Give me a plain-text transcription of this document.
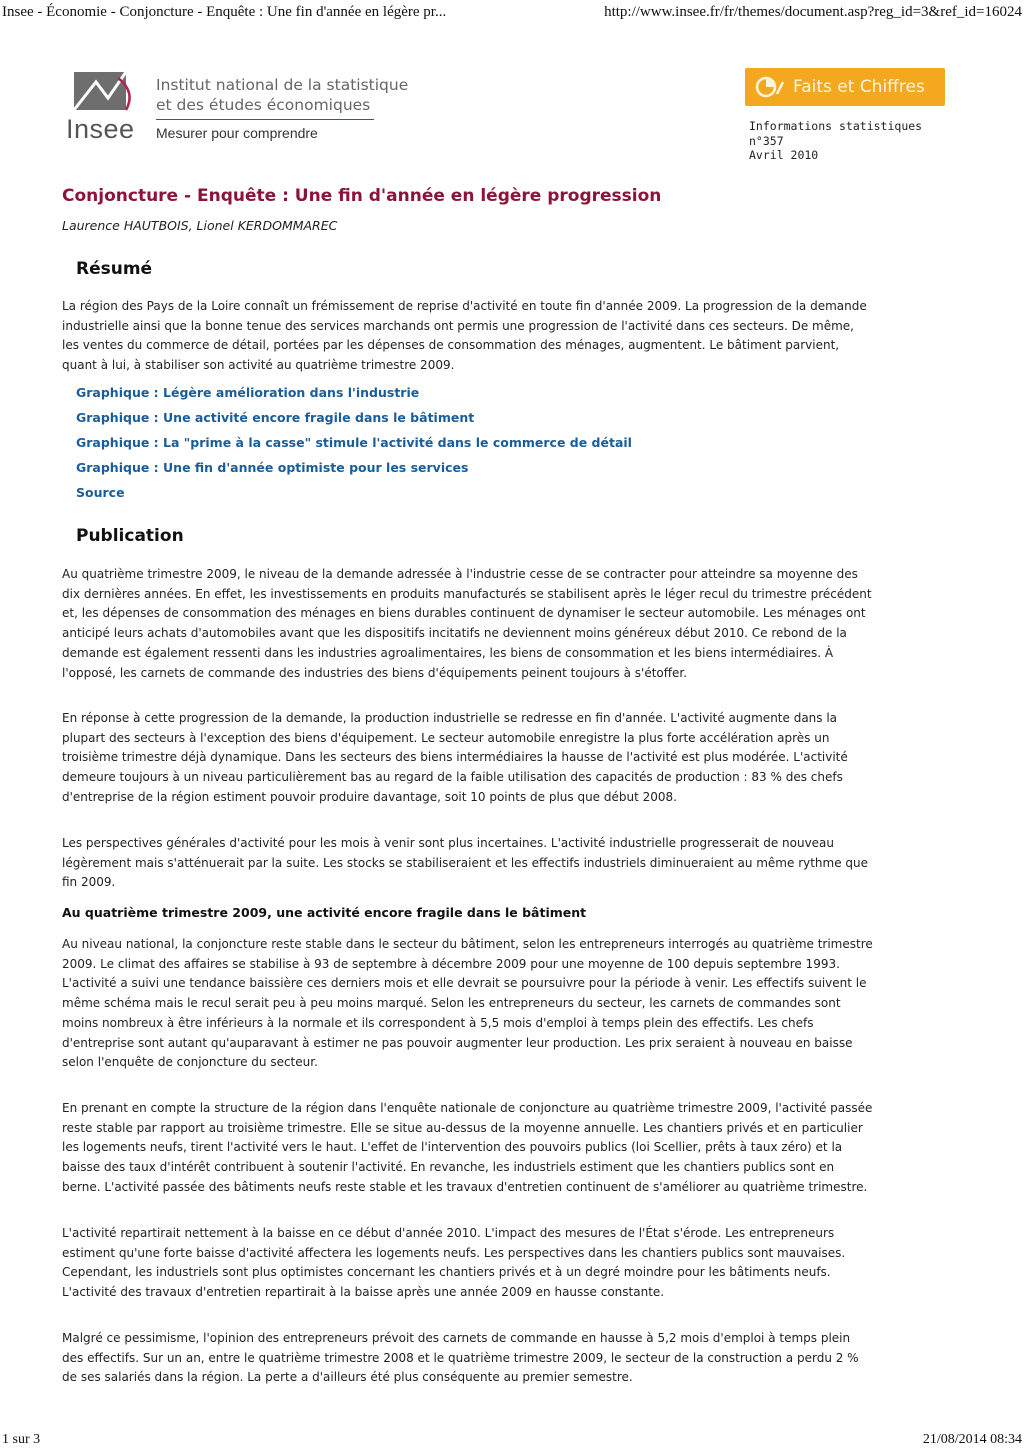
Insee - Économie - Conjoncture - Enquête : Une fin d'année en légère pr...	http://www.insee.fr/fr/themes/document.asp?reg_id=3&ref_id=16024
Insee
Institut national de la statistique
et des études économiques
Mesurer pour comprendre
Faits et Chiffres
Informations statistiques
n°357
Avril 2010
Conjoncture - Enquête : Une fin d'année en légère progression
Laurence HAUTBOIS, Lionel KERDOMMAREC
Résumé

La région des Pays de la Loire connaît un frémissement de reprise d'activité en toute fin d'année 2009. La progression de la demande industrielle ainsi que la bonne tenue des services marchands ont permis une progression de l'activité dans ces secteurs. De même, les ventes du commerce de détail, portées par les dépenses de consommation des ménages, augmentent. Le bâtiment parvient, quant à lui, à stabiliser son activité au quatrième trimestre 2009.

Graphique : Légère amélioration dans l'industrie
Graphique : Une activité encore fragile dans le bâtiment
Graphique : La "prime à la casse" stimule l'activité dans le commerce de détail
Graphique : Une fin d'année optimiste pour les services
Source
Publication

Au quatrième trimestre 2009, le niveau de la demande adressée à l'industrie cesse de se contracter pour atteindre sa moyenne des dix dernières années. En effet, les investissements en produits manufacturés se stabilisent après le léger recul du trimestre précédent et, les dépenses de consommation des ménages en biens durables continuent de dynamiser le secteur automobile. Les ménages ont anticipé leurs achats d'automobiles avant que les dispositifs incitatifs ne deviennent moins généreux début 2010. Ce rebond de la demande est également ressenti dans les industries agroalimentaires, les biens de consommation et les biens intermédiaires. À l'opposé, les carnets de commande des industries des biens d'équipements peinent toujours à s'étoffer.

En réponse à cette progression de la demande, la production industrielle se redresse en fin d'année. L'activité augmente dans la plupart des secteurs à l'exception des biens d'équipement. Le secteur automobile enregistre la plus forte accélération après un troisième trimestre déjà dynamique. Dans les secteurs des biens intermédiaires la hausse de l'activité est plus modérée. L'activité demeure toujours à un niveau particulièrement bas au regard de la faible utilisation des capacités de production : 83 % des chefs d'entreprise de la région estiment pouvoir produire davantage, soit 10 points de plus que début 2008.

Les perspectives générales d'activité pour les mois à venir sont plus incertaines. L'activité industrielle progresserait de nouveau légèrement mais s'atténuerait par la suite. Les stocks se stabiliseraient et les effectifs industriels diminueraient au même rythme que fin 2009.

Au quatrième trimestre 2009, une activité encore fragile dans le bâtiment

Au niveau national, la conjoncture reste stable dans le secteur du bâtiment, selon les entrepreneurs interrogés au quatrième trimestre 2009. Le climat des affaires se stabilise à 93 de septembre à décembre 2009 pour une moyenne de 100 depuis septembre 1993. L'activité a suivi une tendance baissière ces derniers mois et elle devrait se poursuivre pour la période à venir. Les effectifs suivent le même schéma mais le recul serait peu à peu moins marqué. Selon les entrepreneurs du secteur, les carnets de commandes sont moins nombreux à être inférieurs à la normale et ils correspondent à 5,5 mois d'emploi à temps plein des effectifs. Les chefs d'entreprise sont autant qu'auparavant à estimer ne pas pouvoir augmenter leur production. Les prix seraient à nouveau en baisse selon l'enquête de conjoncture du secteur.

En prenant en compte la structure de la région dans l'enquête nationale de conjoncture au quatrième trimestre 2009, l'activité passée reste stable par rapport au troisième trimestre. Elle se situe au-dessus de la moyenne annuelle. Les chantiers privés et en particulier les logements neufs, tirent l'activité vers le haut. L'effet de l'intervention des pouvoirs publics (loi Scellier, prêts à taux zéro) et la baisse des taux d'intérêt contribuent à soutenir l'activité. En revanche, les industriels estiment que les chantiers publics sont en berne. L'activité passée des bâtiments neufs reste stable et les travaux d'entretien continuent de s'améliorer au quatrième trimestre.

L'activité repartirait nettement à la baisse en ce début d'année 2010. L'impact des mesures de l'État s'érode. Les entrepreneurs estiment qu'une forte baisse d'activité affectera les logements neufs. Les perspectives dans les chantiers publics sont mauvaises. Cependant, les industriels sont plus optimistes concernant les chantiers privés et à un degré moindre pour les bâtiments neufs. L'activité des travaux d'entretien repartirait à la baisse après une année 2009 en hausse constante.

Malgré ce pessimisme, l'opinion des entrepreneurs prévoit des carnets de commande en hausse à 5,2 mois d'emploi à temps plein des effectifs. Sur un an, entre le quatrième trimestre 2008 et le quatrième trimestre 2009, le secteur de la construction a perdu 2 % de ses salariés dans la région. La perte a d'ailleurs été plus conséquente au premier semestre.

1 sur 3	21/08/2014 08:34
